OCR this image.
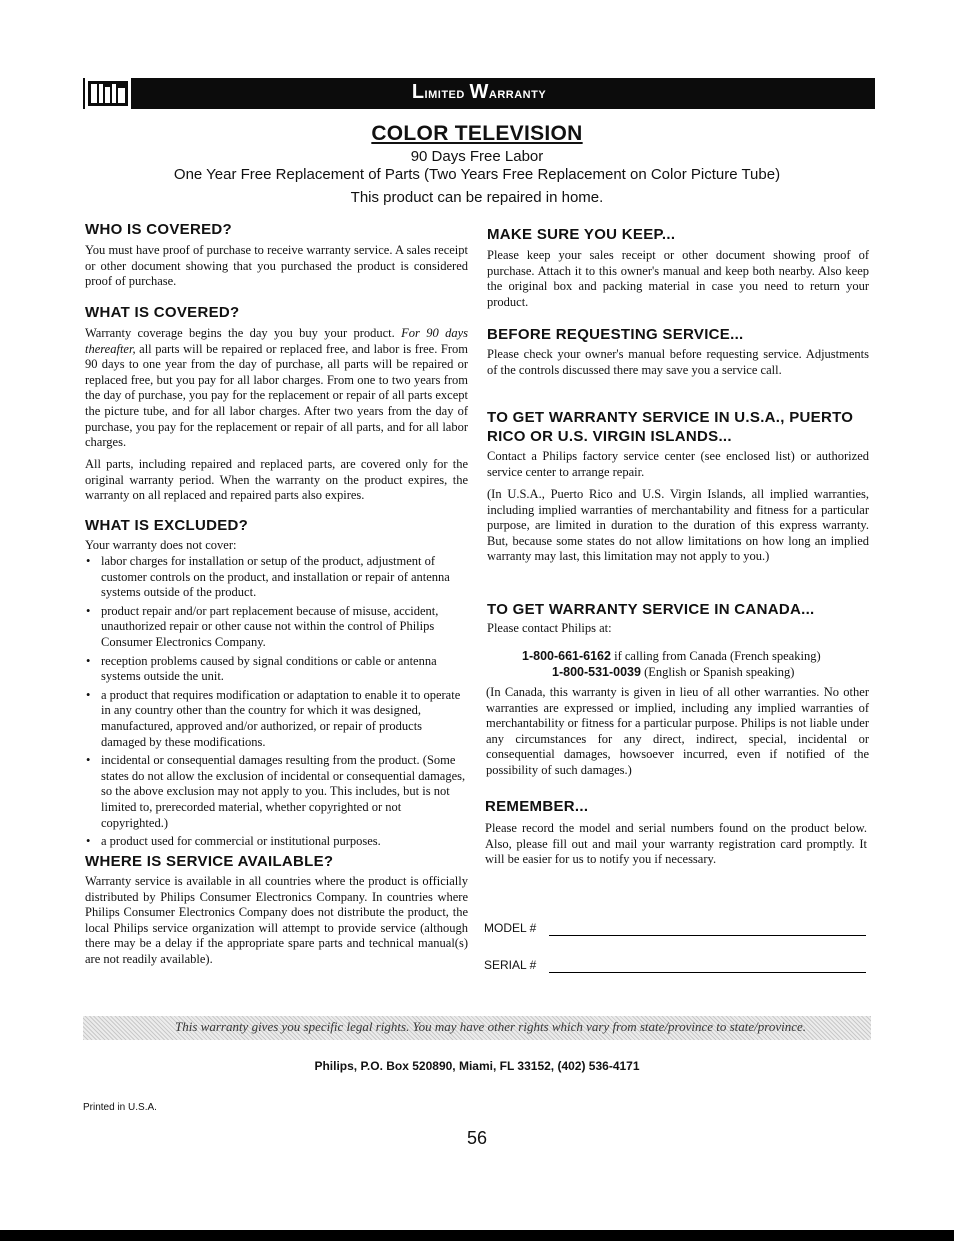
Limited Warranty
COLOR TELEVISION
90 Days Free Labor
One Year Free Replacement of Parts (Two Years Free Replacement on Color Picture Tube)
This product can be repaired in home.
WHO IS COVERED?

You must have proof of purchase to receive warranty service. A sales receipt or other document showing that you purchased the product is considered proof of purchase.

WHAT IS COVERED?

Warranty coverage begins the day you buy your product. For 90 days thereafter, all parts will be repaired or replaced free, and labor is free. From 90 days to one year from the day of purchase, all parts will be repaired or replaced free, but you pay for all labor charges. From one to two years from the day of purchase, you pay for the replacement or repair of all parts except the picture tube, and for all labor charges. After two years from the day of purchase, you pay for the replacement or repair of all parts, and for all labor charges.

All parts, including repaired and replaced parts, are covered only for the original warranty period. When the warranty on the product expires, the warranty on all replaced and repaired parts also expires.

WHAT IS EXCLUDED?

Your warranty does not cover:

• labor charges for installation or setup of the product, adjustment of customer controls on the product, and installation or repair of antenna systems outside of the product.
• product repair and/or part replacement because of misuse, accident, unauthorized repair or other cause not within the control of Philips Consumer Electronics Company.
• reception problems caused by signal conditions or cable or antenna systems outside the unit.
• a product that requires modification or adaptation to enable it to operate in any country other than the country for which it was designed, manufactured, approved and/or authorized, or repair of products damaged by these modifications.
• incidental or consequential damages resulting from the product. (Some states do not allow the exclusion of incidental or consequential damages, so the above exclusion may not apply to you. This includes, but is not limited to, prerecorded material, whether copyrighted or not copyrighted.)
• a product used for commercial or institutional purposes.
WHERE IS SERVICE AVAILABLE?

Warranty service is available in all countries where the product is officially distributed by Philips Consumer Electronics Company. In countries where Philips Consumer Electronics Company does not distribute the product, the local Philips service organization will attempt to provide service (although there may be a delay if the appropriate spare parts and technical manual(s) are not readily available).

MAKE SURE YOU KEEP...

Please keep your sales receipt or other document showing proof of purchase. Attach it to this owner's manual and keep both nearby. Also keep the original box and packing material in case you need to return your product.

BEFORE REQUESTING SERVICE...

Please check your owner's manual before requesting service. Adjustments of the controls discussed there may save you a service call.

TO GET WARRANTY SERVICE IN U.S.A., PUERTO RICO OR U.S. VIRGIN ISLANDS...

Contact a Philips factory service center (see enclosed list) or authorized service center to arrange repair.

(In U.S.A., Puerto Rico and U.S. Virgin Islands, all implied warranties, including implied warranties of merchantability and fitness for a particular purpose, are limited in duration to the duration of this express warranty. But, because some states do not allow limitations on how long an implied warranty may last, this limitation may not apply to you.)

TO GET WARRANTY SERVICE IN CANADA...

Please contact Philips at:

1-800-661-6162 if calling from Canada (French speaking)
1-800-531-0039 (English or Spanish speaking)

(In Canada, this warranty is given in lieu of all other warranties. No other warranties are expressed or implied, including any implied warranties of merchantability or fitness for a particular purpose. Philips is not liable under any circumstances for any direct, indirect, special, incidental or consequential damages, howsoever incurred, even if notified of the possibility of such damages.)

REMEMBER...

Please record the model and serial numbers found on the product below. Also, please fill out and mail your warranty registration card promptly. It will be easier for us to notify you if necessary.

MODEL #
SERIAL #
This warranty gives you specific legal rights. You may have other rights which vary from state/province to state/province.
Philips, P.O. Box 520890, Miami, FL 33152, (402) 536-4171
Printed in U.S.A.
56
